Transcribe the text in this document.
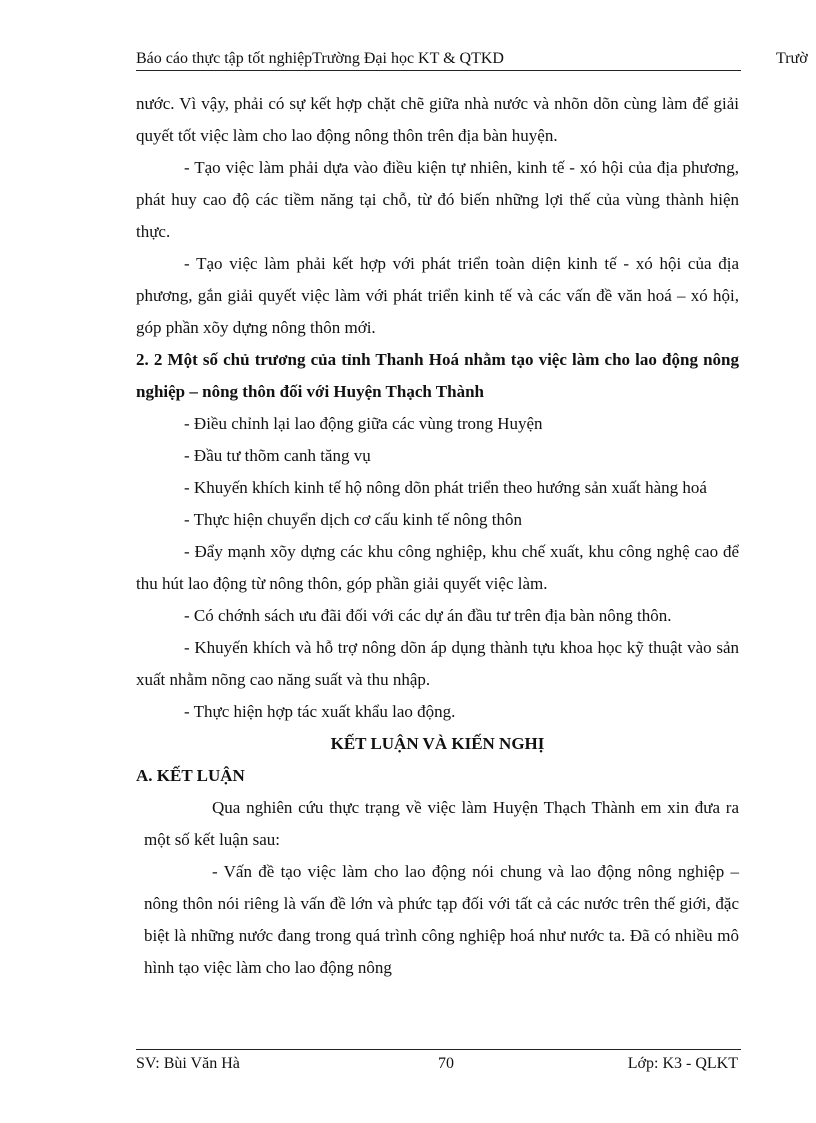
Báo cáo thực tập tốt nghiệpTrường Đại học KT & QTKD	Trườ

nước. Vì vậy, phải có sự kết hợp chặt chẽ giữa nhà nước và nhõn dõn cùng làm để giải quyết tốt việc làm cho lao động nông thôn trên địa bàn huyện.

- Tạo việc làm phải dựa vào điều kiện tự nhiên, kinh tế - xó hội của địa phương, phát huy cao độ các tiềm năng tại chỗ, từ đó biến những lợi thế của vùng thành hiện thực.

- Tạo việc làm phải kết hợp với phát triển toàn diện kinh tế - xó hội của địa phương, gắn giải quyết việc làm với phát triển kinh tế và các vấn đề văn hoá – xó hội, góp phần xõy dựng nông thôn mới.

2. 2 Một số chủ trương của tỉnh Thanh Hoá nhằm tạo việc làm cho lao động nông nghiệp – nông thôn đối với Huyện Thạch Thành

- Điều chỉnh lại lao động giữa các vùng trong Huyện

- Đầu tư thõm canh tăng vụ

- Khuyến khích kinh tế hộ nông dõn phát triển theo hướng sản xuất hàng hoá

- Thực hiện chuyển dịch cơ cấu kinh tế nông thôn

- Đẩy mạnh xõy dựng các khu công nghiệp, khu chế xuất, khu công nghệ cao để thu hút lao động từ nông thôn, góp phần giải quyết việc làm.

- Có chớnh sách ưu đãi đối với các dự án đầu tư trên địa bàn nông thôn.

- Khuyến khích và hỗ trợ nông dõn áp dụng thành tựu khoa học kỹ thuật vào sản xuất nhằm nõng cao năng suất và thu nhập.

- Thực hiện hợp tác xuất khẩu lao động.

KẾT LUẬN VÀ KIẾN NGHỊ

A. KẾT LUẬN

Qua nghiên cứu thực trạng về việc làm Huyện Thạch Thành em xin đưa ra một số kết luận sau:

- Vấn đề tạo việc làm cho lao động nói chung và lao động nông nghiệp – nông thôn nói riêng là vấn đề lớn và phức tạp đối với tất cả các nước trên thế giới, đặc biệt là những nước đang trong quá trình công nghiệp hoá như nước ta. Đã có nhiều mô hình tạo việc làm cho lao động nông

SV: Bùi Văn Hà	70	Lớp: K3 - QLKT
